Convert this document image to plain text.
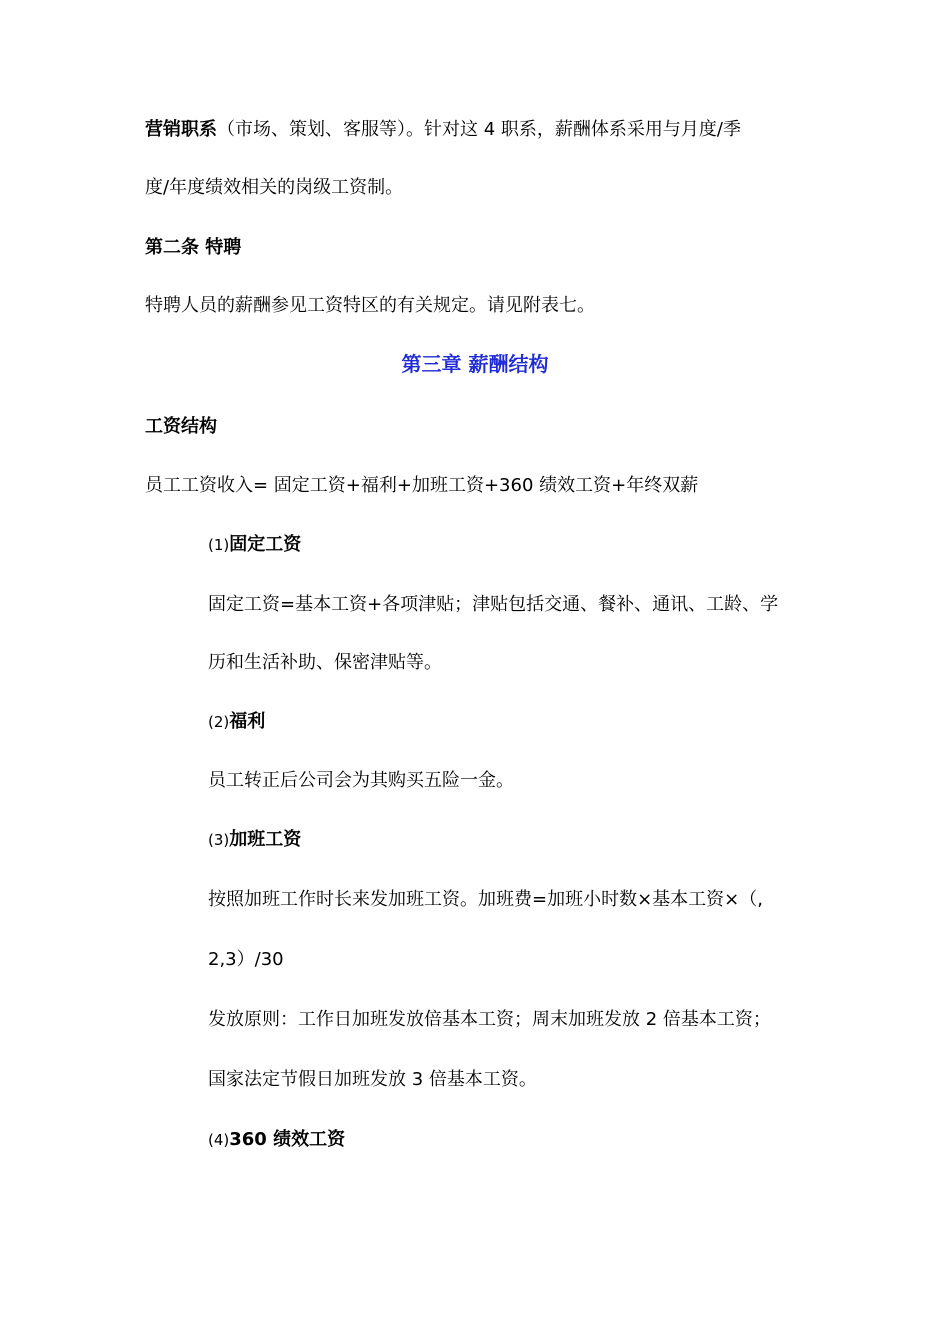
营销职系（市场、策划、客服等）。针对这 4 职系，薪酬体系采用与月度/季
度/年度绩效相关的岗级工资制。
第二条 特聘
特聘人员的薪酬参见工资特区的有关规定。请见附表七。
第三章 薪酬结构
工资结构
员工工资收入= 固定工资+福利+加班工资+360 绩效工资+年终双薪
(1)固定工资
固定工资=基本工资+各项津贴；津贴包括交通、餐补、通讯、工龄、学
历和生活补助、保密津贴等。
(2)福利
员工转正后公司会为其购买五险一金。
(3)加班工资
按照加班工作时长来发加班工资。加班费=加班小时数×基本工资×（,
2,3）/30
发放原则：工作日加班发放倍基本工资；周末加班发放 2 倍基本工资；
国家法定节假日加班发放 3 倍基本工资。
(4)360 绩效工资
